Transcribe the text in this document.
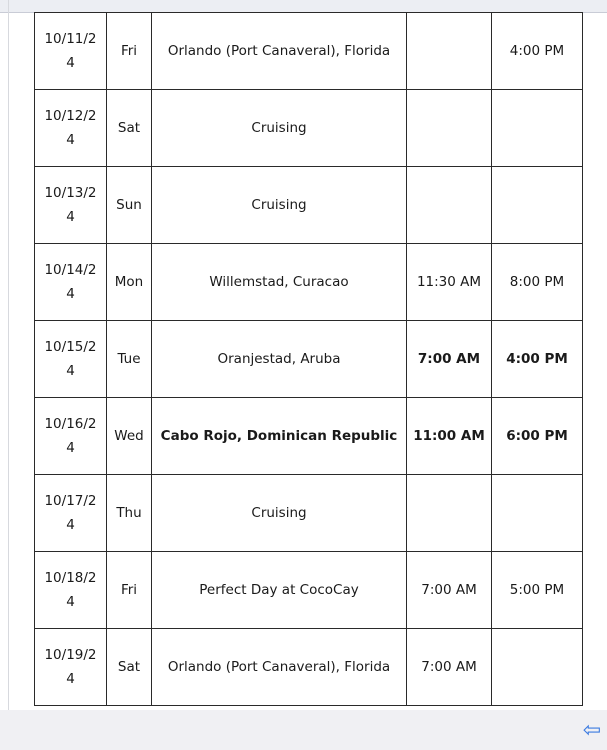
10/11/24	Fri	Orlando (Port Canaveral), Florida		4:00 PM
10/12/24	Sat	Cruising		
10/13/24	Sun	Cruising		
10/14/24	Mon	Willemstad, Curacao	11:30 AM	8:00 PM
10/15/24	Tue	Oranjestad, Aruba	7:00 AM	4:00 PM
10/16/24	Wed	Cabo Rojo, Dominican Republic	11:00 AM	6:00 PM
10/17/24	Thu	Cruising		
10/18/24	Fri	Perfect Day at CocoCay	7:00 AM	5:00 PM
10/19/24	Sat	Orlando (Port Canaveral), Florida	7:00 AM	
⇦
